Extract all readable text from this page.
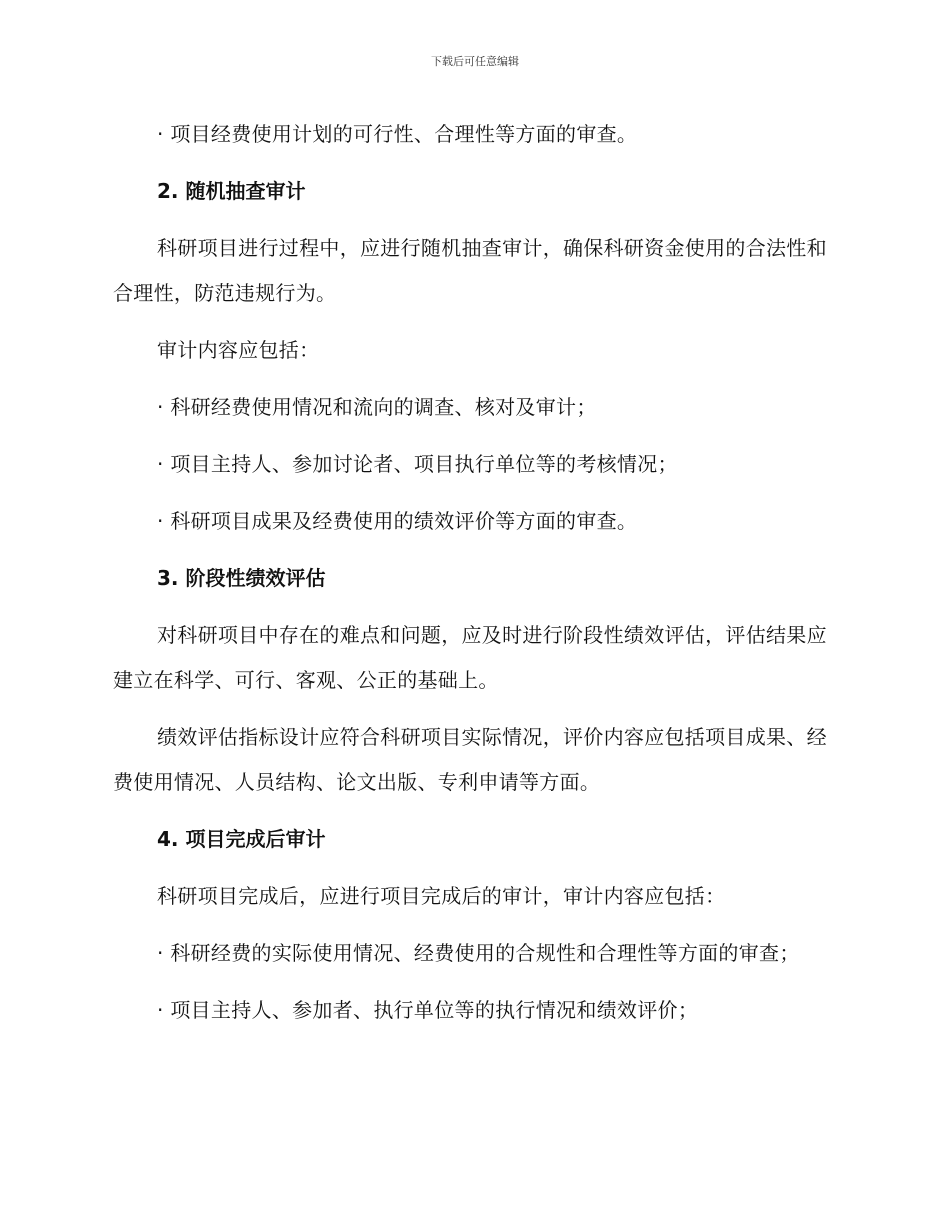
下载后可任意编辑
· 项目经费使用计划的可行性、合理性等方面的审查。
2. 随机抽查审计
科研项目进行过程中，应进行随机抽查审计，确保科研资金使用的合法性和合理性，防范违规行为。
审计内容应包括：
· 科研经费使用情况和流向的调查、核对及审计；
· 项目主持人、参加讨论者、项目执行单位等的考核情况；
· 科研项目成果及经费使用的绩效评价等方面的审查。
3. 阶段性绩效评估
对科研项目中存在的难点和问题，应及时进行阶段性绩效评估，评估结果应建立在科学、可行、客观、公正的基础上。
绩效评估指标设计应符合科研项目实际情况，评价内容应包括项目成果、经费使用情况、人员结构、论文出版、专利申请等方面。
4. 项目完成后审计
科研项目完成后，应进行项目完成后的审计，审计内容应包括：
· 科研经费的实际使用情况、经费使用的合规性和合理性等方面的审查；
· 项目主持人、参加者、执行单位等的执行情况和绩效评价；
